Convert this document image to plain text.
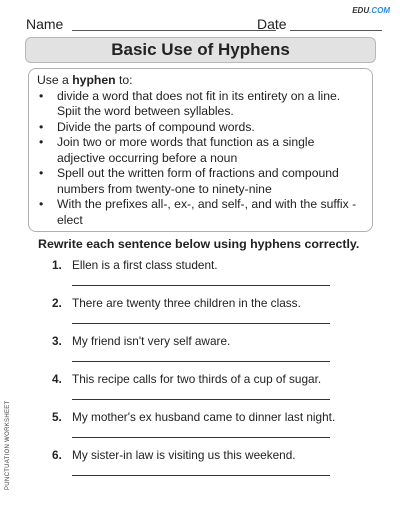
Name	Date
EDU.COM
Basic Use of Hyphens
Use a hyphen to:
• divide a word that does not fit in its entirety on a line. Spiit the word between syllables.
• Divide the parts of compound words.
• Join two or more words that function as a single adjective occurring before a noun
• Spell out the written form of fractions and compound numbers from twenty-one to ninety-nine
• With the prefixes all-, ex-, and self-, and with the suffix -elect
Rewrite each sentence below using hyphens correctly.
1. Ellen is a first class student.
2. There are twenty three children in the class.
3. My friend isn't very self aware.
4. This recipe calls for two thirds of a cup of sugar.
5. My mother's ex husband came to dinner last night.
6. My sister-in law is visiting us this weekend.
PUNCTUATION WORKSHEET
